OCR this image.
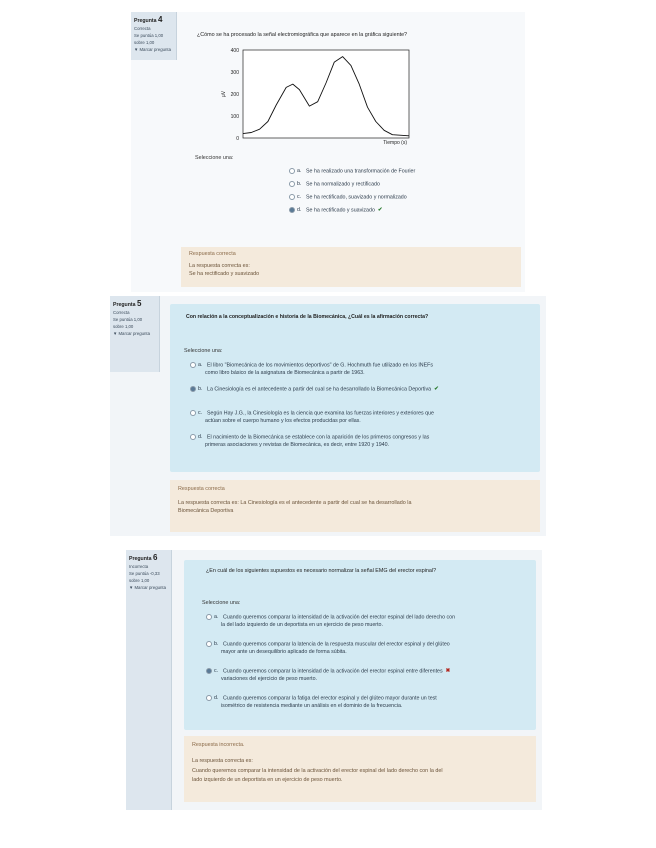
Pregunta 4
Correcta
Se puntúa 1,00
sobre 1,00
▼ Marcar pregunta
¿Cómo se ha procesado la señal electromiográfica que aparece en la gráfica siguiente?
400
300
200
100
0
μV
Tiempo (s)
Seleccione una:
a. Se ha realizado una transformación de Fourier
b. Se ha normalizado y rectificado
c. Se ha rectificado, suavizado y normalizado
d. Se ha rectificado y suavizado ✔
Respuesta correcta
La respuesta correcta es:
Se ha rectificado y suavizado
Pregunta 5
Correcta
Se puntúa 1,00
sobre 1,00
▼ Marcar pregunta
Con relación a la conceptualización e historia de la Biomecánica, ¿Cuál es la afirmación correcta?
Seleccione una:
a. El libro "Biomecánica de los movimientos deportivos" de G. Hochmuth fue utilizado en los INEFs
como libro básico de la asignatura de Biomecánica a partir de 1963.
b. La Cinesiología es el antecedente a partir del cual se ha desarrollado la Biomecánica Deportiva ✔
c. Según Hay J.G., la Cinesiología es la ciencia que examina las fuerzas interiores y exteriores que
actúan sobre el cuerpo humano y los efectos producidas por ellas.
d. El nacimiento de la Biomecánica se establece con la aparición de los primeros congresos y las
primeras asociaciones y revistas de Biomecánica, es decir, entre 1920 y 1940.
Respuesta correcta
La respuesta correcta es: La Cinesiología es el antecedente a partir del cual se ha desarrollado la
Biomecánica Deportiva
Pregunta 6
Incorrecta
Se puntúa -0,33
sobre 1,00
▼ Marcar pregunta
¿En cuál de los siguientes supuestos es necesario normalizar la señal EMG del erector espinal?
Seleccione una:
a. Cuando queremos comparar la intensidad de la activación del erector espinal del lado derecho con
la del lado izquierdo de un deportista en un ejercicio de peso muerto.
b. Cuando queremos comparar la latencia de la respuesta muscular del erector espinal y del glúteo
mayor ante un desequilibrio aplicado de forma súbita.
c. Cuando queremos comparar la intensidad de la activación del erector espinal entre diferentes ✖
variaciones del ejercicio de peso muerto.
d. Cuando queremos comparar la fatiga del erector espinal y del glúteo mayor durante un test
isométrico de resistencia mediante un análisis en el dominio de la frecuencia.
Respuesta incorrecta.
La respuesta correcta es:
Cuando queremos comparar la intensidad de la activación del erector espinal del lado derecho con la del
lado izquierdo de un deportista en un ejercicio de peso muerto.
